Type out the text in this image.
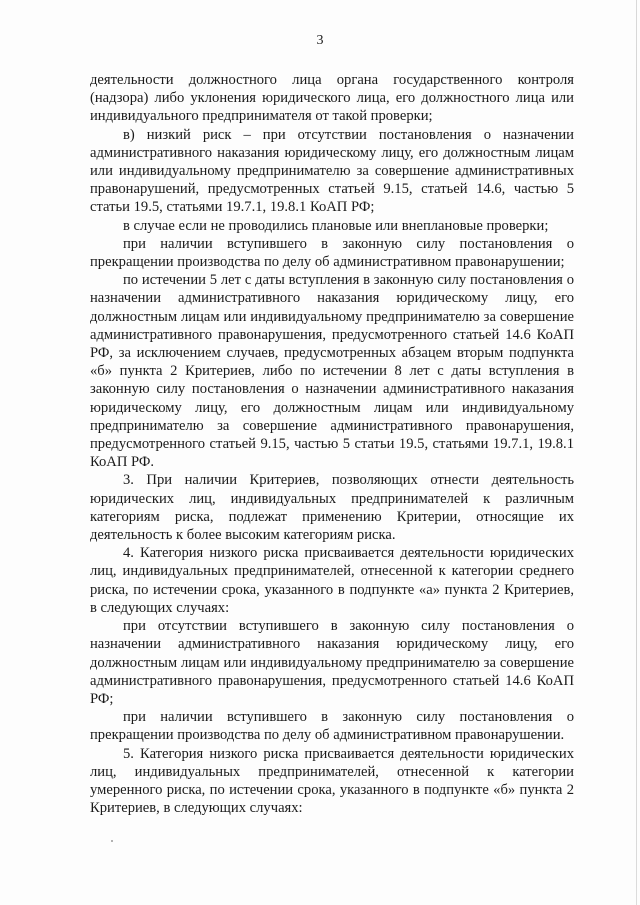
3

деятельности должностного лица органа государственного контроля (надзора) либо уклонения юридического лица, его должностного лица или индивидуального предпринимателя от такой проверки;

в) низкий риск – при отсутствии постановления о назначении административного наказания юридическому лицу, его должностным лицам или индивидуальному предпринимателю за совершение административных правонарушений, предусмотренных статьей 9.15, статьей 14.6, частью 5 статьи 19.5, статьями 19.7.1, 19.8.1 КоАП РФ;

в случае если не проводились плановые или внеплановые проверки;

при наличии вступившего в законную силу постановления о прекращении производства по делу об административном правонарушении;

по истечении 5 лет с даты вступления в законную силу постановления о назначении административного наказания юридическому лицу, его должностным лицам или индивидуальному предпринимателю за совершение административного правонарушения, предусмотренного статьей 14.6 КоАП РФ, за исключением случаев, предусмотренных абзацем вторым подпункта «б» пункта 2 Критериев, либо по истечении 8 лет с даты вступления в законную силу постановления о назначении административного наказания юридическому лицу, его должностным лицам или индивидуальному предпринимателю за совершение административного правонарушения, предусмотренного статьей 9.15, частью 5 статьи 19.5, статьями 19.7.1, 19.8.1 КоАП РФ.

3. При наличии Критериев, позволяющих отнести деятельность юридических лиц, индивидуальных предпринимателей к различным категориям риска, подлежат применению Критерии, относящие их деятельность к более высоким категориям риска.

4. Категория низкого риска присваивается деятельности юридических лиц, индивидуальных предпринимателей, отнесенной к категории среднего риска, по истечении срока, указанного в подпункте «а» пункта 2 Критериев, в следующих случаях:

при отсутствии вступившего в законную силу постановления о назначении административного наказания юридическому лицу, его должностным лицам или индивидуальному предпринимателю за совершение административного правонарушения, предусмотренного статьей 14.6 КоАП РФ;

при наличии вступившего в законную силу постановления о прекращении производства по делу об административном правонарушении.

5. Категория низкого риска присваивается деятельности юридических лиц, индивидуальных предпринимателей, отнесенной к категории умеренного риска, по истечении срока, указанного в подпункте «б» пункта 2 Критериев, в следующих случаях:
